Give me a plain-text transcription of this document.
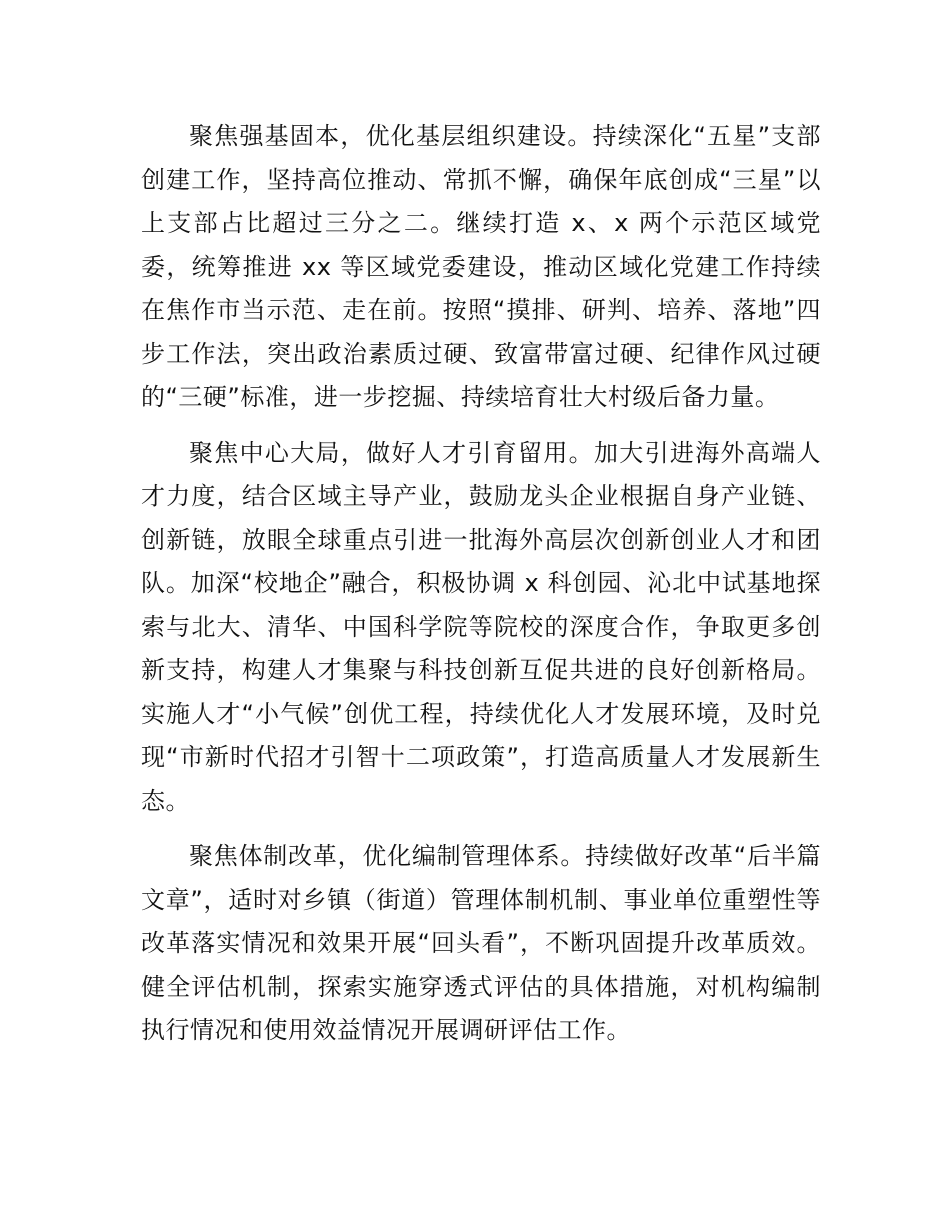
聚焦强基固本，优化基层组织建设。持续深化“五星”支部创建工作，坚持高位推动、常抓不懈，确保年底创成“三星”以上支部占比超过三分之二。继续打造 x、x 两个示范区域党委，统筹推进 xx 等区域党委建设，推动区域化党建工作持续在焦作市当示范、走在前。按照“摸排、研判、培养、落地”四步工作法，突出政治素质过硬、致富带富过硬、纪律作风过硬的“三硬”标准，进一步挖掘、持续培育壮大村级后备力量。

聚焦中心大局，做好人才引育留用。加大引进海外高端人才力度，结合区域主导产业，鼓励龙头企业根据自身产业链、创新链，放眼全球重点引进一批海外高层次创新创业人才和团队。加深“校地企”融合，积极协调 x 科创园、沁北中试基地探索与北大、清华、中国科学院等院校的深度合作，争取更多创新支持，构建人才集聚与科技创新互促共进的良好创新格局。实施人才“小气候”创优工程，持续优化人才发展环境，及时兑现“市新时代招才引智十二项政策”，打造高质量人才发展新生态。

聚焦体制改革，优化编制管理体系。持续做好改革“后半篇文章”，适时对乡镇（街道）管理体制机制、事业单位重塑性等改革落实情况和效果开展“回头看”，不断巩固提升改革质效。健全评估机制，探索实施穿透式评估的具体措施，对机构编制执行情况和使用效益情况开展调研评估工作。
